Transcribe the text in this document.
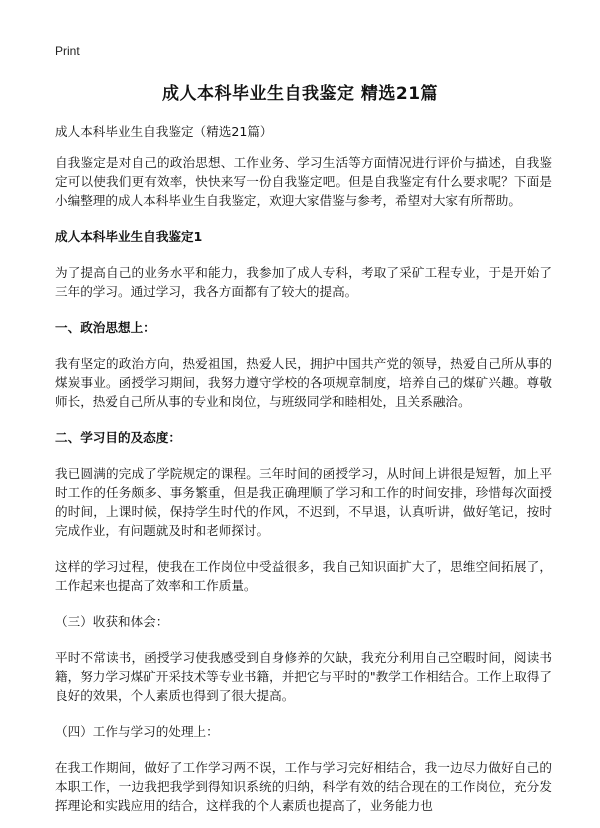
Print
成人本科毕业生自我鉴定 精选21篇

成人本科毕业生自我鉴定（精选21篇）

自我鉴定是对自己的政治思想、工作业务、学习生活等方面情况进行评价与描述，自我鉴定可以使我们更有效率，快快来写一份自我鉴定吧。但是自我鉴定有什么要求呢？下面是小编整理的成人本科毕业生自我鉴定，欢迎大家借鉴与参考，希望对大家有所帮助。

成人本科毕业生自我鉴定1

为了提高自己的业务水平和能力，我参加了成人专科，考取了采矿工程专业，于是开始了三年的学习。通过学习，我各方面都有了较大的提高。

一、政治思想上：

我有坚定的政治方向，热爱祖国，热爱人民，拥护中国共产党的领导，热爱自己所从事的煤炭事业。函授学习期间，我努力遵守学校的各项规章制度，培养自己的煤矿兴趣。尊敬师长，热爱自己所从事的专业和岗位，与班级同学和睦相处，且关系融洽。

二、学习目的及态度：

我已圆满的完成了学院规定的课程。三年时间的函授学习，从时间上讲很是短暂，加上平时工作的任务颇多、事务繁重，但是我正确理顺了学习和工作的时间安排，珍惜每次面授的时间，上课时候，保持学生时代的作风，不迟到，不早退，认真听讲，做好笔记，按时完成作业，有问题就及时和老师探讨。

这样的学习过程，使我在工作岗位中受益很多，我自己知识面扩大了，思维空间拓展了，工作起来也提高了效率和工作质量。

（三）收获和体会：

平时不常读书，函授学习使我感受到自身修养的欠缺，我充分利用自己空暇时间，阅读书籍，努力学习煤矿开采技术等专业书籍，并把它与平时的"教学工作相结合。工作上取得了良好的效果，个人素质也得到了很大提高。

（四）工作与学习的处理上：

在我工作期间，做好了工作学习两不误，工作与学习完好相结合，我一边尽力做好自己的本职工作，一边我把我学到得知识系统的归纳，科学有效的结合现在的工作岗位，充分发挥理论和实践应用的结合，这样我的个人素质也提高了，业务能力也
